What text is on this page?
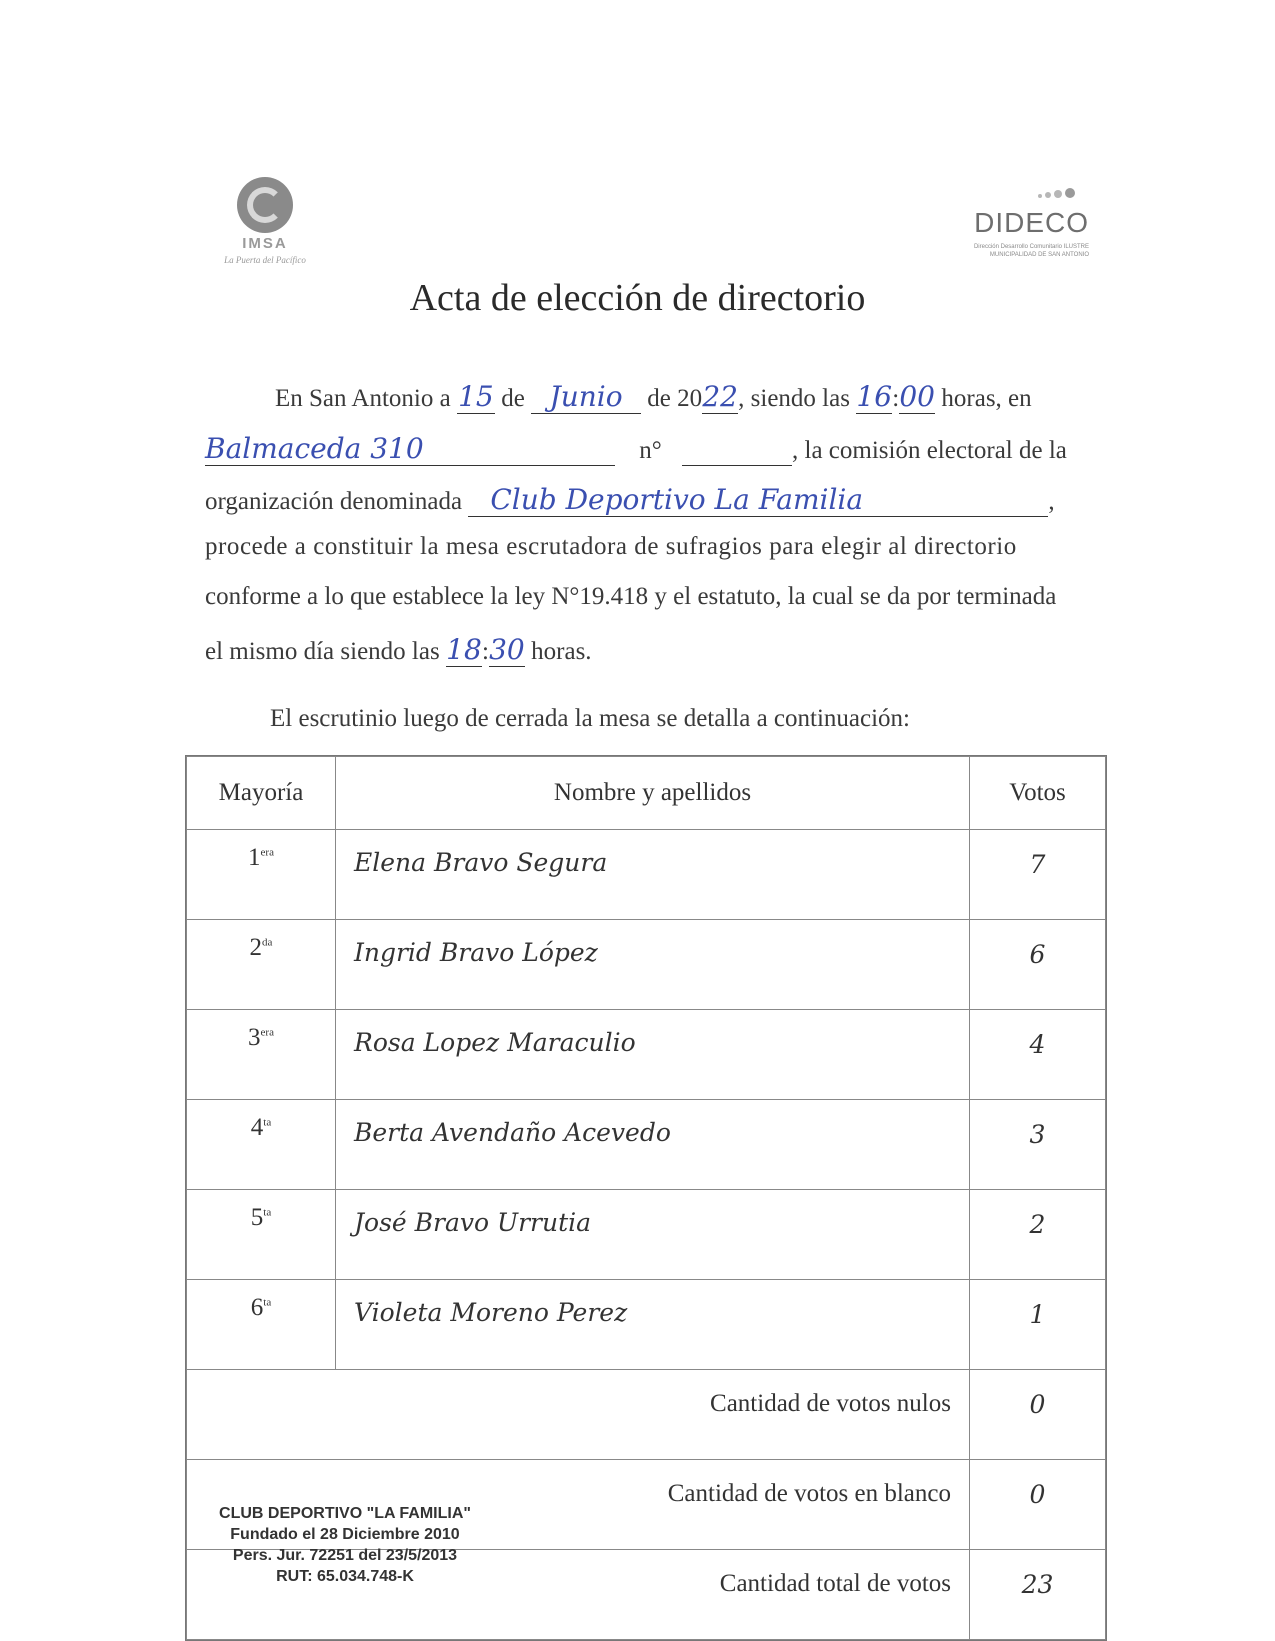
IMSA
La Puerta del Pacífico
DIDECO
Dirección Desarrollo Comunitario ILUSTRE MUNICIPALIDAD DE SAN ANTONIO
Acta de elección de directorio
En San Antonio a 15 de Junio de 2022, siendo las 16:00 horas, en
Balmaceda 310	n°	, la comisión electoral de la
organización denominada Club Deportivo La Familia	,
procede a constituir la mesa escrutadora de sufragios para elegir al directorio
conforme a lo que establece la ley N°19.418 y el estatuto, la cual se da por terminada
el mismo día siendo las 18:30 horas.
El escrutinio luego de cerrada la mesa se detalla a continuación:
Mayoría	Nombre y apellidos	Votos
$1^{era}$	Elena Bravo Segura	7
$2^{da}$	Ingrid Bravo López	6
$3^{era}$	Rosa Lopez Maraculio	4
$4^{ta}$	Berta Avendaño Acevedo	3
$5^{ta}$	José Bravo Urrutia	2
$6^{ta}$	Violeta Moreno Perez	1
Cantidad de votos nulos		0
Cantidad de votos en blanco		0
Cantidad total de votos		23
CLUB DEPORTIVO "LA FAMILIA"
Fundado el 28 Diciembre 2010
Pers. Jur. 72251 del 23/5/2013
RUT: 65.034.748-K
